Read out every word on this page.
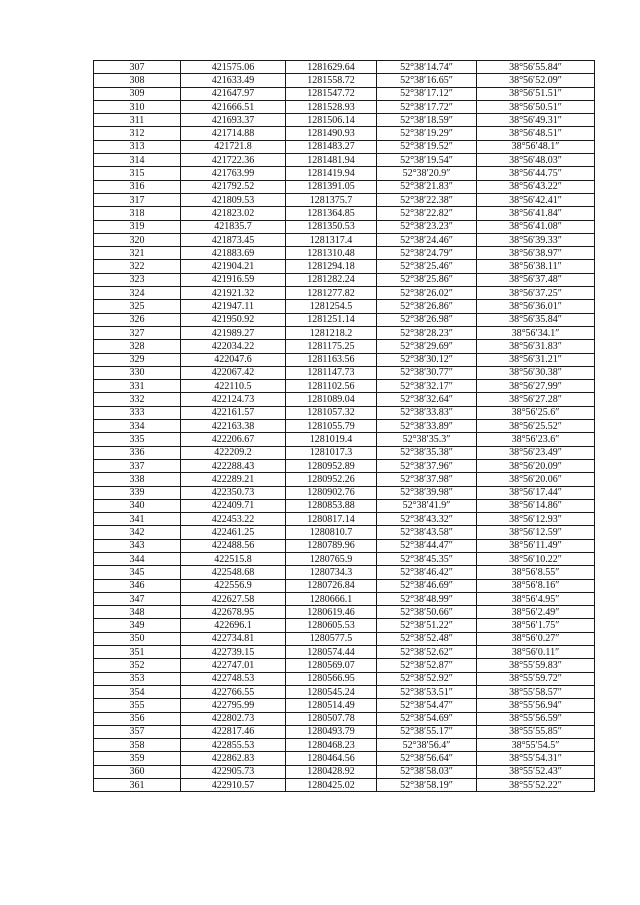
307	421575.06	1281629.64	52°38′14.74″	38°56′55.84″
308	421633.49	1281558.72	52°38′16.65″	38°56′52.09″
309	421647.97	1281547.72	52°38′17.12″	38°56′51.51″
310	421666.51	1281528.93	52°38′17.72″	38°56′50.51″
311	421693.37	1281506.14	52°38′18.59″	38°56′49.31″
312	421714.88	1281490.93	52°38′19.29″	38°56′48.51″
313	421721.8	1281483.27	52°38′19.52″	38°56′48.1″
314	421722.36	1281481.94	52°38′19.54″	38°56′48.03″
315	421763.99	1281419.94	52°38′20.9″	38°56′44.75″
316	421792.52	1281391.05	52°38′21.83″	38°56′43.22″
317	421809.53	1281375.7	52°38′22.38″	38°56′42.41″
318	421823.02	1281364.85	52°38′22.82″	38°56′41.84″
319	421835.7	1281350.53	52°38′23.23″	38°56′41.08″
320	421873.45	1281317.4	52°38′24.46″	38°56′39.33″
321	421883.69	1281310.48	52°38′24.79″	38°56′38.97″
322	421904.21	1281294.18	52°38′25.46″	38°56′38.11″
323	421916.59	1281282.24	52°38′25.86″	38°56′37.48″
324	421921.32	1281277.82	52°38′26.02″	38°56′37.25″
325	421947.11	1281254.5	52°38′26.86″	38°56′36.01″
326	421950.92	1281251.14	52°38′26.98″	38°56′35.84″
327	421989.27	1281218.2	52°38′28.23″	38°56′34.1″
328	422034.22	1281175.25	52°38′29.69″	38°56′31.83″
329	422047.6	1281163.56	52°38′30.12″	38°56′31.21″
330	422067.42	1281147.73	52°38′30.77″	38°56′30.38″
331	422110.5	1281102.56	52°38′32.17″	38°56′27.99″
332	422124.73	1281089.04	52°38′32.64″	38°56′27.28″
333	422161.57	1281057.32	52°38′33.83″	38°56′25.6″
334	422163.38	1281055.79	52°38′33.89″	38°56′25.52″
335	422206.67	1281019.4	52°38′35.3″	38°56′23.6″
336	422209.2	1281017.3	52°38′35.38″	38°56′23.49″
337	422288.43	1280952.89	52°38′37.96″	38°56′20.09″
338	422289.21	1280952.26	52°38′37.98″	38°56′20.06″
339	422350.73	1280902.76	52°38′39.98″	38°56′17.44″
340	422409.71	1280853.88	52°38′41.9″	38°56′14.86″
341	422453.22	1280817.14	52°38′43.32″	38°56′12.93″
342	422461.25	1280810.7	52°38′43.58″	38°56′12.59″
343	422488.56	1280789.96	52°38′44.47″	38°56′11.49″
344	422515.8	1280765.9	52°38′45.35″	38°56′10.22″
345	422548.68	1280734.3	52°38′46.42″	38°56′8.55″
346	422556.9	1280726.84	52°38′46.69″	38°56′8.16″
347	422627.58	1280666.1	52°38′48.99″	38°56′4.95″
348	422678.95	1280619.46	52°38′50.66″	38°56′2.49″
349	422696.1	1280605.53	52°38′51.22″	38°56′1.75″
350	422734.81	1280577.5	52°38′52.48″	38°56′0.27″
351	422739.15	1280574.44	52°38′52.62″	38°56′0.11″
352	422747.01	1280569.07	52°38′52.87″	38°55′59.83″
353	422748.53	1280566.95	52°38′52.92″	38°55′59.72″
354	422766.55	1280545.24	52°38′53.51″	38°55′58.57″
355	422795.99	1280514.49	52°38′54.47″	38°55′56.94″
356	422802.73	1280507.78	52°38′54.69″	38°55′56.59″
357	422817.46	1280493.79	52°38′55.17″	38°55′55.85″
358	422855.53	1280468.23	52°38′56.4″	38°55′54.5″
359	422862.83	1280464.56	52°38′56.64″	38°55′54.31″
360	422905.73	1280428.92	52°38′58.03″	38°55′52.43″
361	422910.57	1280425.02	52°38′58.19″	38°55′52.22″
